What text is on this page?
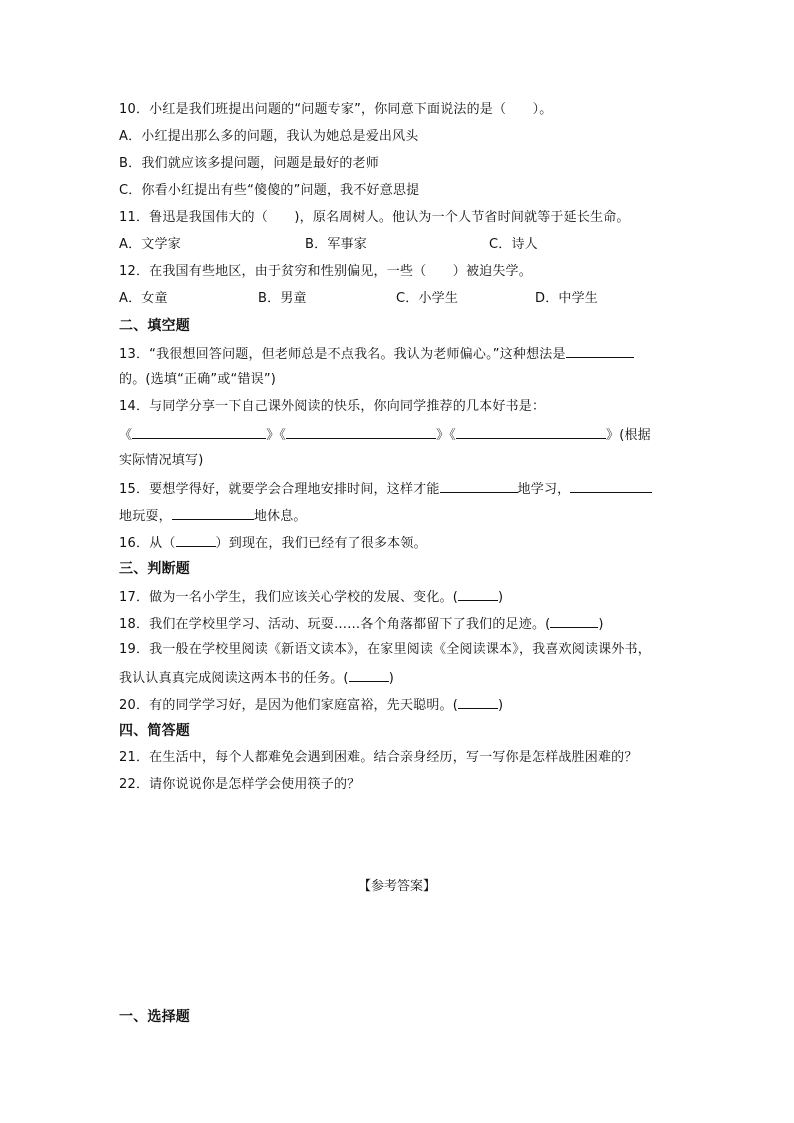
10．小红是我们班提出问题的“问题专家”，你同意下面说法的是（　　）。
A．小红提出那么多的问题，我认为她总是爱出风头
B．我们就应该多提问题，问题是最好的老师
C．你看小红提出有些“傻傻的”问题，我不好意思提
11．鲁迅是我国伟大的（　　)，原名周树人。他认为一个人节省时间就等于延长生命。
A．文学家	B．军事家	C．诗人
12．在我国有些地区，由于贫穷和性别偏见，一些（　　）被迫失学。
A．女童	B．男童	C．小学生	D．中学生
二、填空题
13．“我很想回答问题，但老师总是不点我名。我认为老师偏心。”这种想法是
的。(选填“正确”或“错误”)
14．与同学分享一下自己课外阅读的快乐，你向同学推荐的几本好书是：
《	》《	》《	》(根据
实际情况填写)
15．要想学得好，就要学会合理地安排时间，这样才能	地学习，
地玩耍，	地休息。
16．从（	）到现在，我们已经有了很多本领。
三、判断题
17．做为一名小学生，我们应该关心学校的发展、变化。(	)
18．我们在学校里学习、活动、玩耍……各个角落都留下了我们的足迹。(	)
19．我一般在学校里阅读《新语文读本》，在家里阅读《全阅读课本》，我喜欢阅读课外书，
我认认真真完成阅读这两本书的任务。(	)
20．有的同学学习好，是因为他们家庭富裕，先天聪明。(	)
四、简答题
21．在生活中，每个人都难免会遇到困难。结合亲身经历，写一写你是怎样战胜困难的？
22．请你说说你是怎样学会使用筷子的？
【参考答案】
一、选择题
